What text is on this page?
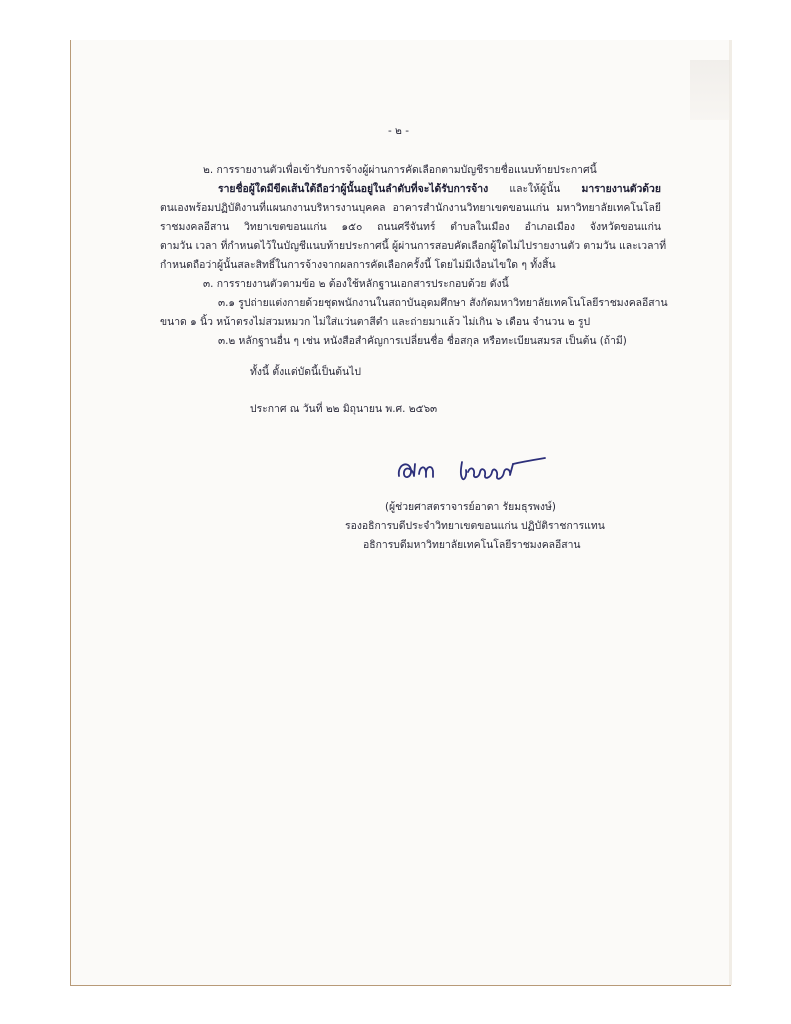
- ๒ -
๒. การรายงานตัวเพื่อเข้ารับการจ้างผู้ผ่านการคัดเลือกตามบัญชีรายชื่อแนบท้ายประกาศนี้
รายชื่อผู้ใดมีขีดเส้นใต้ถือว่าผู้นั้นอยู่ในลำดับที่จะได้รับการจ้าง และให้ผู้นั้น มารายงานตัวด้วย
ตนเองพร้อมปฏิบัติงานที่แผนกงานบริหารงานบุคคล อาคารสำนักงานวิทยาเขตขอนแก่น มหาวิทยาลัยเทคโนโลยี
ราชมงคลอีสาน วิทยาเขตขอนแก่น ๑๕๐ ถนนศรีจันทร์ ตำบลในเมือง อำเภอเมือง จังหวัดขอนแก่น
ตามวัน เวลา ที่กำหนดไว้ในบัญชีแนบท้ายประกาศนี้ ผู้ผ่านการสอบคัดเลือกผู้ใดไม่ไปรายงานตัว ตามวัน และเวลาที่
กำหนดถือว่าผู้นั้นสละสิทธิ์ในการจ้างจากผลการคัดเลือกครั้งนี้ โดยไม่มีเงื่อนไขใด ๆ ทั้งสิ้น
๓. การรายงานตัวตามข้อ ๒ ต้องใช้หลักฐานเอกสารประกอบด้วย ดังนี้
๓.๑ รูปถ่ายแต่งกายด้วยชุดพนักงานในสถาบันอุดมศึกษา สังกัดมหาวิทยาลัยเทคโนโลยีราชมงคลอีสาน
ขนาด ๑ นิ้ว หน้าตรงไม่สวมหมวก ไม่ใส่แว่นตาสีดำ และถ่ายมาแล้ว ไม่เกิน ๖ เดือน จำนวน ๒ รูป
๓.๒ หลักฐานอื่น ๆ เช่น หนังสือสำคัญการเปลี่ยนชื่อ ชื่อสกุล หรือทะเบียนสมรส เป็นต้น (ถ้ามี)
ทั้งนี้ ตั้งแต่บัดนี้เป็นต้นไป
ประกาศ ณ วันที่ ๒๒ มิถุนายน พ.ศ. ๒๕๖๓
(ผู้ช่วยศาสตราจารย์อาดา รัยมธุรพงษ์)
รองอธิการบดีประจำวิทยาเขตขอนแก่น ปฏิบัติราชการแทน
อธิการบดีมหาวิทยาลัยเทคโนโลยีราชมงคลอีสาน
